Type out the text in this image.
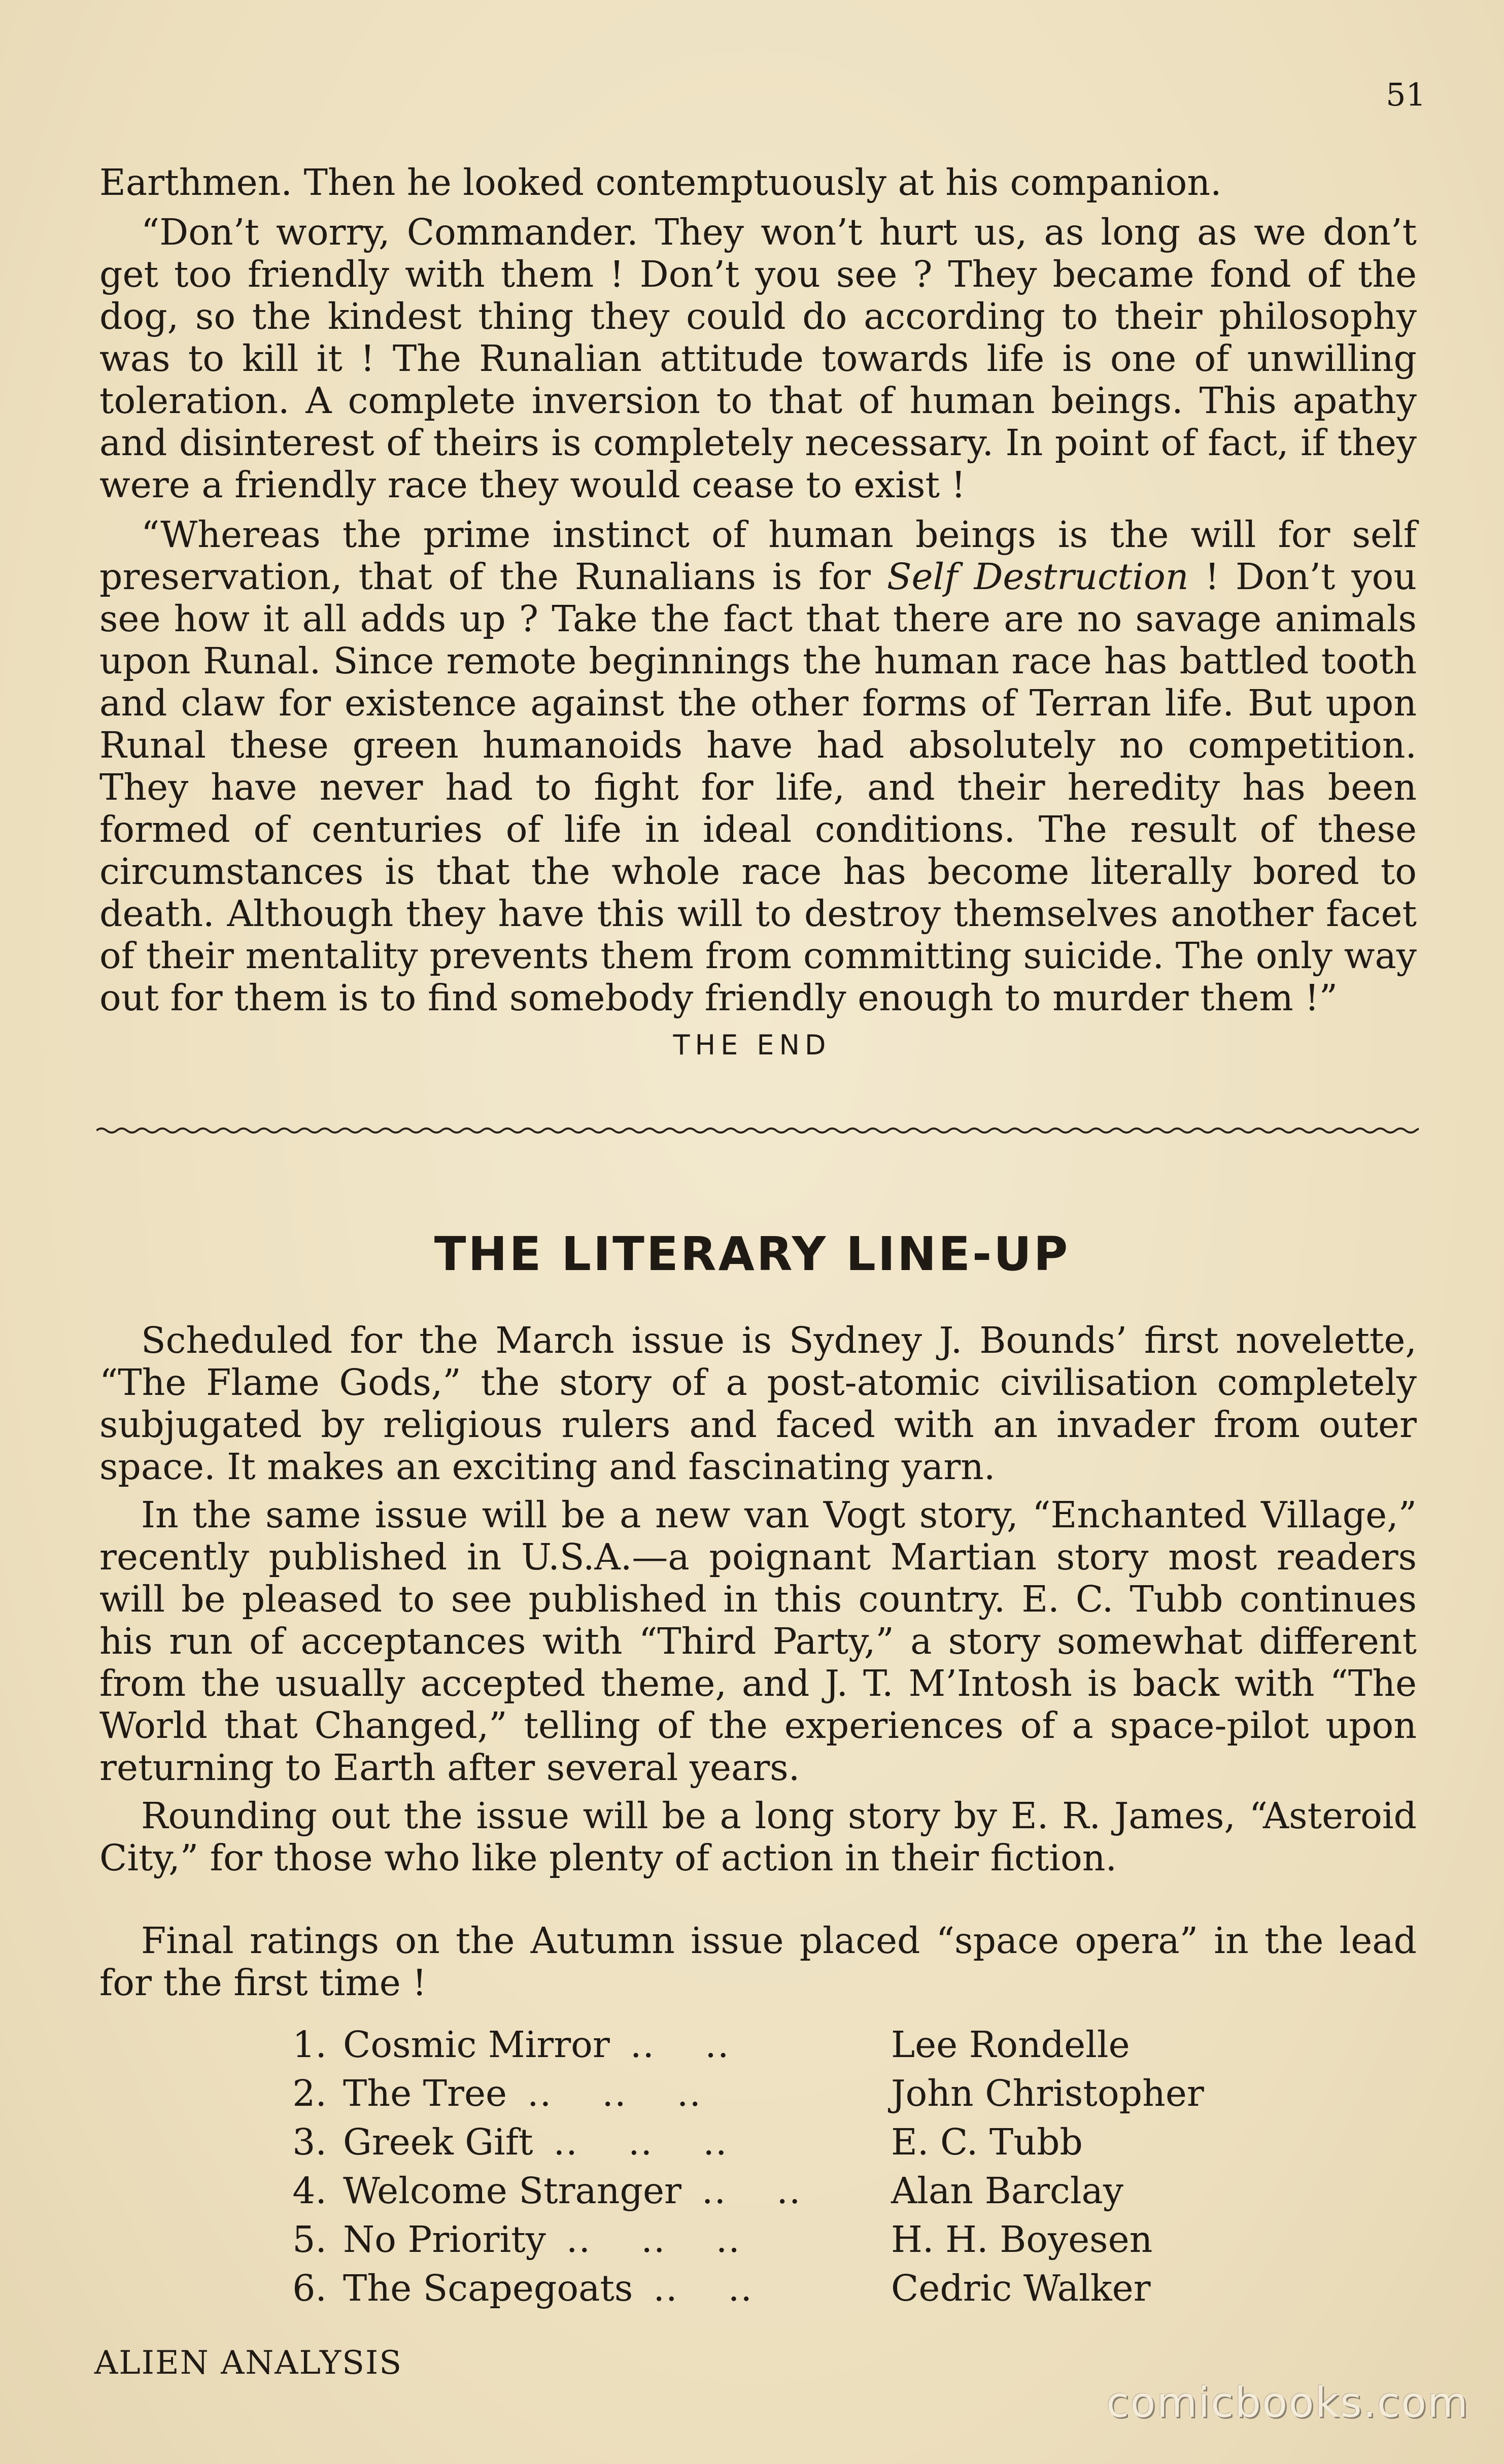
51

Earthmen. Then he looked contemptuously at his companion.

“Don’t worry, Commander. They won’t hurt us, as long as we don’t get too friendly with them ! Don’t you see ? They became fond of the dog, so the kindest thing they could do according to their philosophy was to kill it ! The Runalian attitude towards life is one of unwilling toleration. A complete inversion to that of human beings. This apathy and disinterest of theirs is completely necessary. In point of fact, if they were a friendly race they would cease to exist !

“Whereas the prime instinct of human beings is the will for self preservation, that of the Runalians is for Self Destruction ! Don’t you see how it all adds up ? Take the fact that there are no savage animals upon Runal. Since remote beginnings the human race has battled tooth and claw for existence against the other forms of Terran life. But upon Runal these green humanoids have had absolutely no competition. They have never had to fight for life, and their heredity has been formed of centuries of life in ideal conditions. The result of these circumstances is that the whole race has become literally bored to death. Although they have this will to destroy themselves another facet of their mentality prevents them from committing suicide. The only way out for them is to find somebody friendly enough to murder them !”

THE END
THE LITERARY LINE-UP

Scheduled for the March issue is Sydney J. Bounds’ first novelette, “The Flame Gods,” the story of a post-atomic civilisation completely subjugated by religious rulers and faced with an invader from outer space. It makes an exciting and fascinating yarn.

In the same issue will be a new van Vogt story, “Enchanted Village,” recently published in U.S.A.—a poignant Martian story most readers will be pleased to see published in this country. E. C. Tubb continues his run of acceptances with “Third Party,” a story somewhat different from the usually accepted theme, and J. T. M’Intosh is back with “The World that Changed,” telling of the experiences of a space-pilot upon returning to Earth after several years.

Rounding out the issue will be a long story by E. R. James, “Asteroid City,” for those who like plenty of action in their fiction.

Final ratings on the Autumn issue placed “space opera” in the lead for the first time !

1. Cosmic Mirror ..    ..	Lee Rondelle
2. The Tree ..    ..    ..	John Christopher
3. Greek Gift ..    ..    ..	E. C. Tubb
4. Welcome Stranger ..    ..	Alan Barclay
5. No Priority ..    ..    ..	H. H. Boyesen
6. The Scapegoats ..    ..	Cedric Walker
ALIEN ANALYSIS
comicbooks.com
